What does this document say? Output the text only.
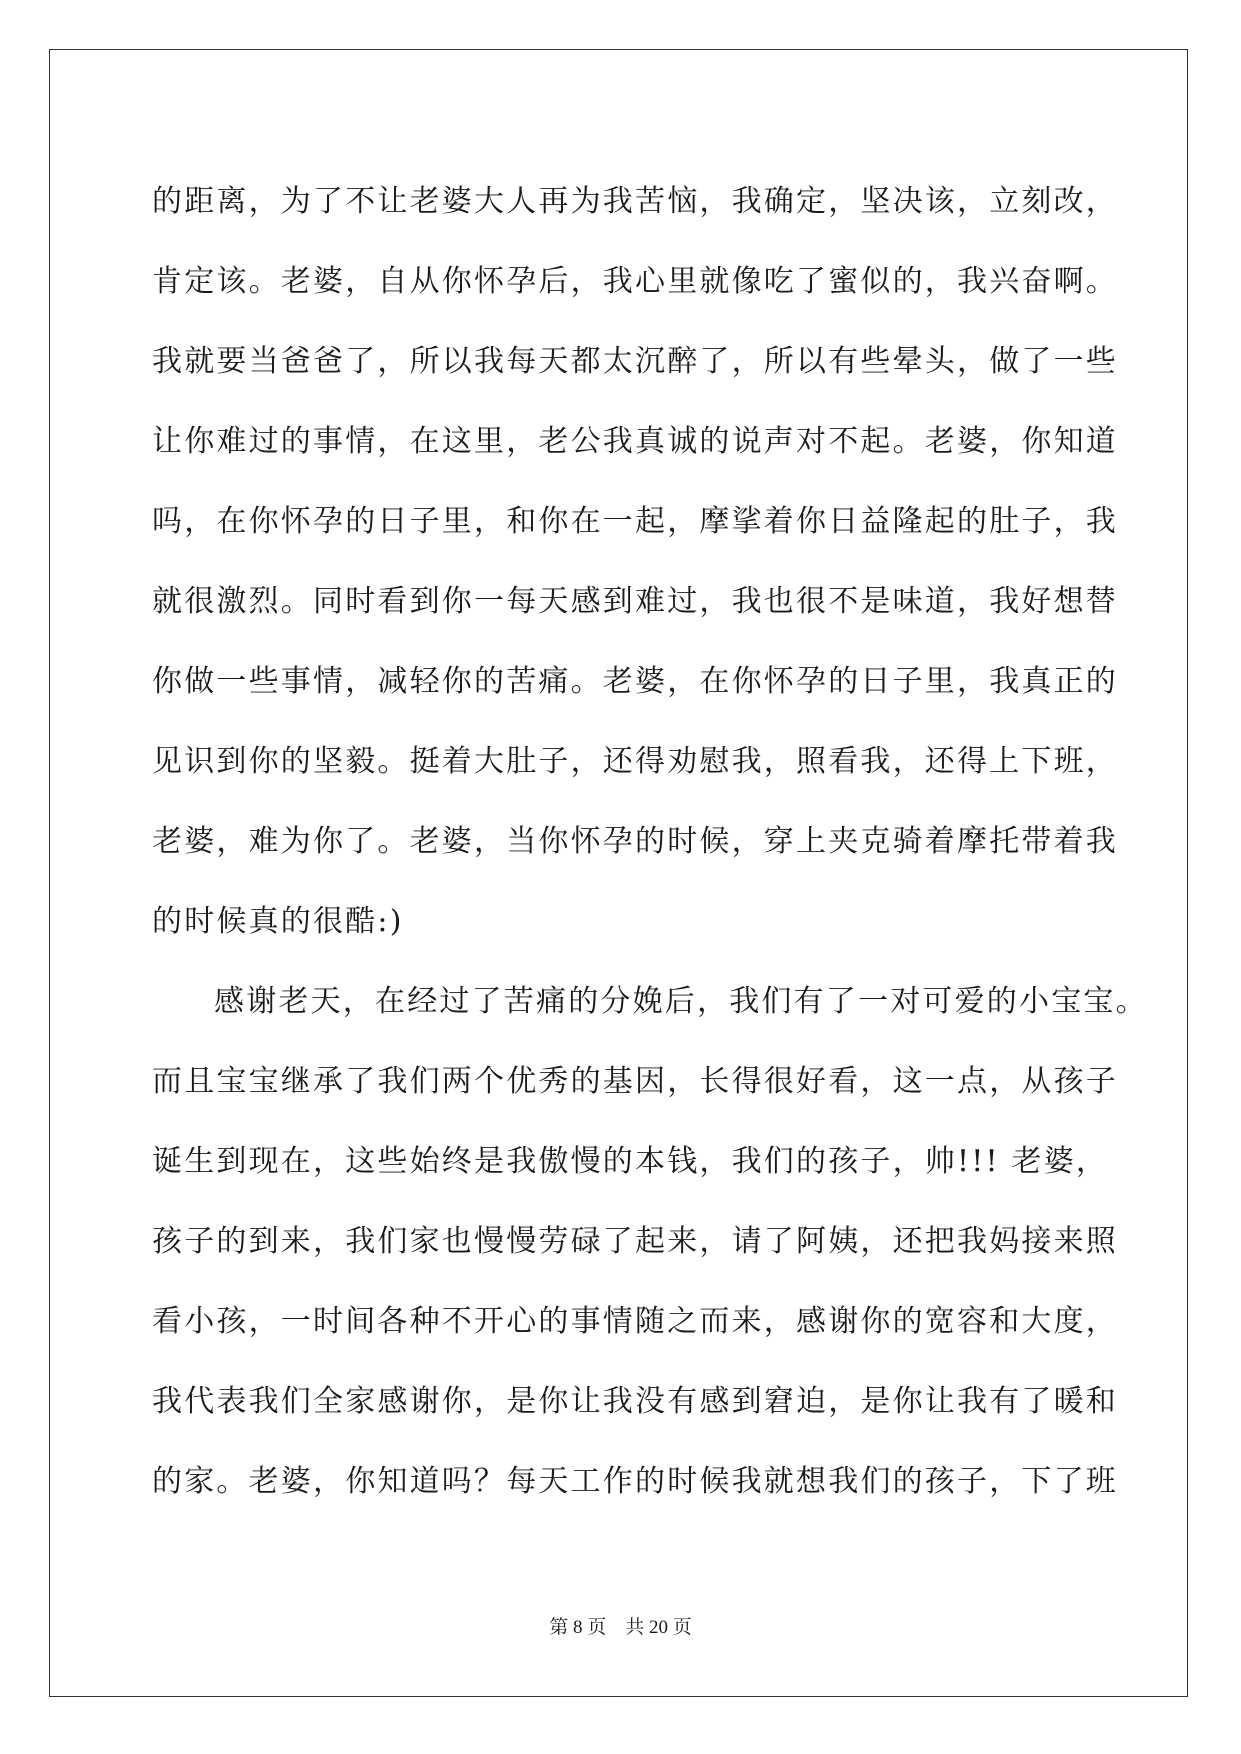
的距离，为了不让老婆大人再为我苦恼，我确定，坚决该，立刻改，
肯定该。老婆，自从你怀孕后，我心里就像吃了蜜似的，我兴奋啊。
我就要当爸爸了，所以我每天都太沉醉了，所以有些晕头，做了一些
让你难过的事情，在这里，老公我真诚的说声对不起。老婆，你知道
吗，在你怀孕的日子里，和你在一起，摩挲着你日益隆起的肚子，我
就很激烈。同时看到你一每天感到难过，我也很不是味道，我好想替
你做一些事情，减轻你的苦痛。老婆，在你怀孕的日子里，我真正的
见识到你的坚毅。挺着大肚子，还得劝慰我，照看我，还得上下班，
老婆，难为你了。老婆，当你怀孕的时候，穿上夹克骑着摩托带着我
的时候真的很酷:)
感谢老天，在经过了苦痛的分娩后，我们有了一对可爱的小宝宝。
而且宝宝继承了我们两个优秀的基因，长得很好看，这一点，从孩子
诞生到现在，这些始终是我傲慢的本钱，我们的孩子，帅!!! 老婆，
孩子的到来，我们家也慢慢劳碌了起来，请了阿姨，还把我妈接来照
看小孩，一时间各种不开心的事情随之而来，感谢你的宽容和大度，
我代表我们全家感谢你，是你让我没有感到窘迫，是你让我有了暖和
的家。老婆，你知道吗？每天工作的时候我就想我们的孩子，下了班
第 8 页    共 20 页
